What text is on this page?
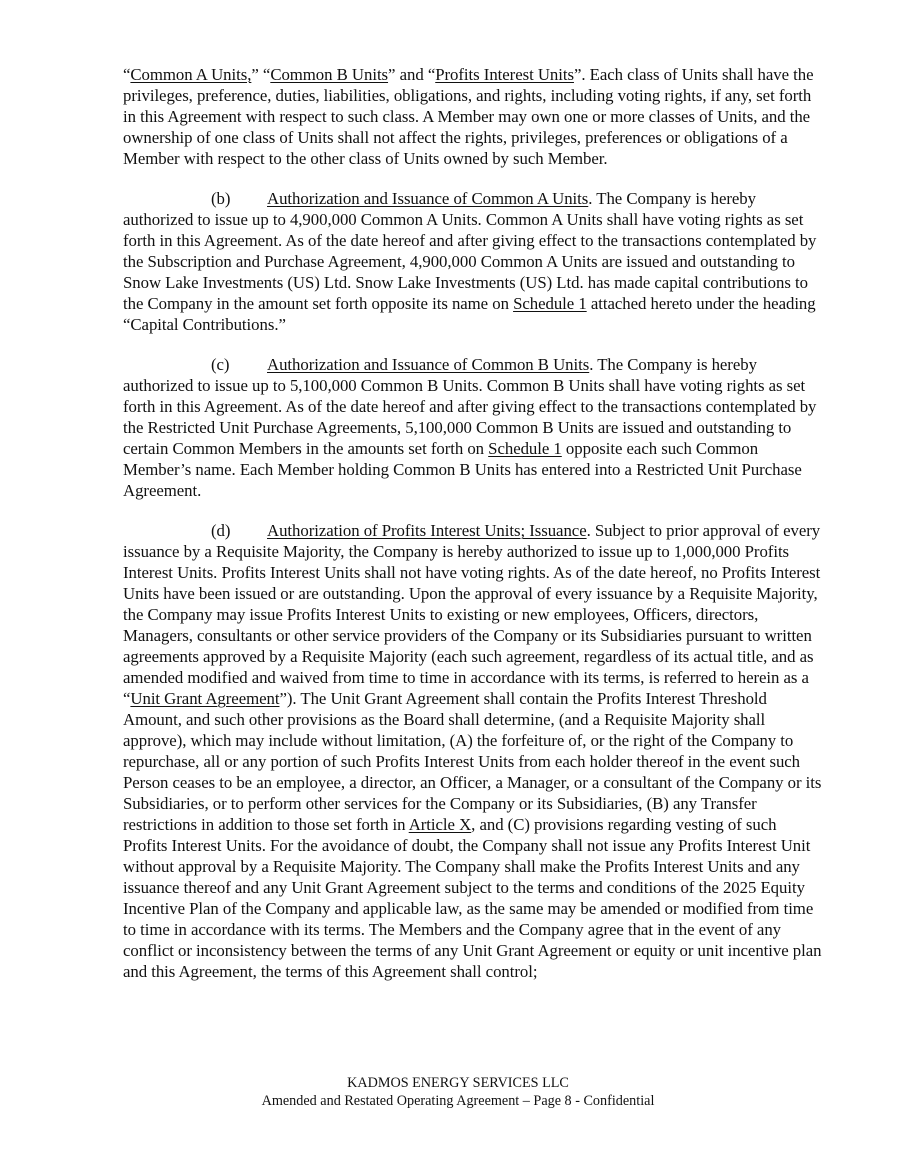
“Common A Units,” “Common B Units” and “Profits Interest Units”. Each class of Units shall have the privileges, preference, duties, liabilities, obligations, and rights, including voting rights, if any, set forth in this Agreement with respect to such class. A Member may own one or more classes of Units, and the ownership of one class of Units shall not affect the rights, privileges, preferences or obligations of a Member with respect to the other class of Units owned by such Member.

(b) Authorization and Issuance of Common A Units. The Company is hereby authorized to issue up to 4,900,000 Common A Units. Common A Units shall have voting rights as set forth in this Agreement. As of the date hereof and after giving effect to the transactions contemplated by the Subscription and Purchase Agreement, 4,900,000 Common A Units are issued and outstanding to Snow Lake Investments (US) Ltd. Snow Lake Investments (US) Ltd. has made capital contributions to the Company in the amount set forth opposite its name on Schedule 1 attached hereto under the heading “Capital Contributions.”

(c) Authorization and Issuance of Common B Units. The Company is hereby authorized to issue up to 5,100,000 Common B Units. Common B Units shall have voting rights as set forth in this Agreement. As of the date hereof and after giving effect to the transactions contemplated by the Restricted Unit Purchase Agreements, 5,100,000 Common B Units are issued and outstanding to certain Common Members in the amounts set forth on Schedule 1 opposite each such Common Member’s name. Each Member holding Common B Units has entered into a Restricted Unit Purchase Agreement.

(d) Authorization of Profits Interest Units; Issuance. Subject to prior approval of every issuance by a Requisite Majority, the Company is hereby authorized to issue up to 1,000,000 Profits Interest Units. Profits Interest Units shall not have voting rights. As of the date hereof, no Profits Interest Units have been issued or are outstanding. Upon the approval of every issuance by a Requisite Majority, the Company may issue Profits Interest Units to existing or new employees, Officers, directors, Managers, consultants or other service providers of the Company or its Subsidiaries pursuant to written agreements approved by a Requisite Majority (each such agreement, regardless of its actual title, and as amended modified and waived from time to time in accordance with its terms, is referred to herein as a “Unit Grant Agreement”). The Unit Grant Agreement shall contain the Profits Interest Threshold Amount, and such other provisions as the Board shall determine, (and a Requisite Majority shall approve), which may include without limitation, (A) the forfeiture of, or the right of the Company to repurchase, all or any portion of such Profits Interest Units from each holder thereof in the event such Person ceases to be an employee, a director, an Officer, a Manager, or a consultant of the Company or its Subsidiaries, or to perform other services for the Company or its Subsidiaries, (B) any Transfer restrictions in addition to those set forth in Article X, and (C) provisions regarding vesting of such Profits Interest Units. For the avoidance of doubt, the Company shall not issue any Profits Interest Unit without approval by a Requisite Majority. The Company shall make the Profits Interest Units and any issuance thereof and any Unit Grant Agreement subject to the terms and conditions of the 2025 Equity Incentive Plan of the Company and applicable law, as the same may be amended or modified from time to time in accordance with its terms. The Members and the Company agree that in the event of any conflict or inconsistency between the terms of any Unit Grant Agreement or equity or unit incentive plan and this Agreement, the terms of this Agreement shall control;

KADMOS ENERGY SERVICES LLC
Amended and Restated Operating Agreement – Page 8 - Confidential
